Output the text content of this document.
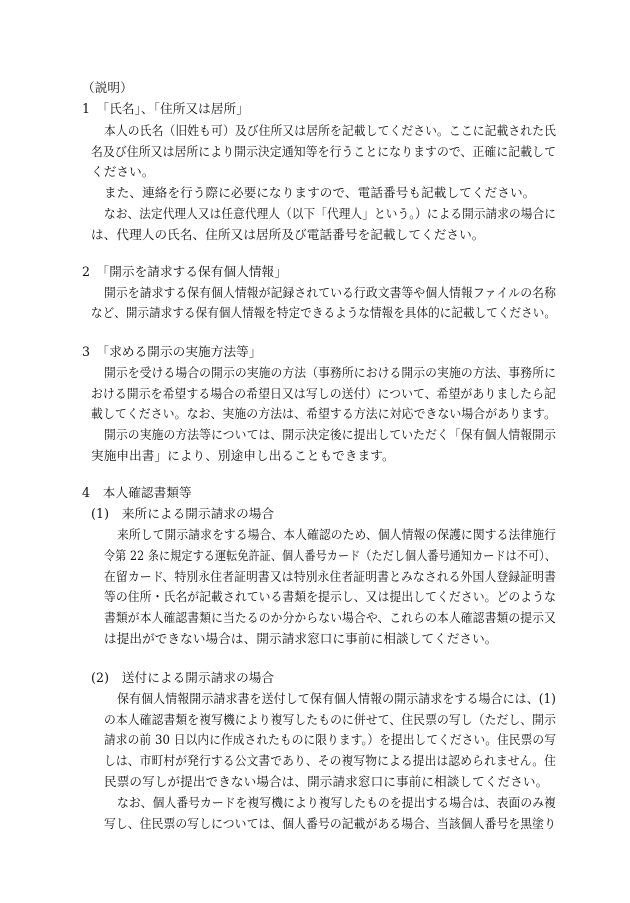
（説明）
1　「氏名」、「住所又は居所」
本人の氏名（旧姓も可）及び住所又は居所を記載してください。ここに記載された氏
名及び住所又は居所により開示決定通知等を行うことになりますので、正確に記載して
ください。
また、連絡を行う際に必要になりますので、電話番号も記載してください。
なお、法定代理人又は任意代理人（以下「代理人」という。）による開示請求の場合に
は、代理人の氏名、住所又は居所及び電話番号を記載してください。
2　「開示を請求する保有個人情報」
開示を請求する保有個人情報が記録されている行政文書等や個人情報ファイルの名称
など、開示請求する保有個人情報を特定できるような情報を具体的に記載してください。
3　「求める開示の実施方法等」
開示を受ける場合の開示の実施の方法（事務所における開示の実施の方法、事務所に
おける開示を希望する場合の希望日又は写しの送付）について、希望がありましたら記
載してください。なお、実施の方法は、希望する方法に対応できない場合があります。
開示の実施の方法等については、開示決定後に提出していただく「保有個人情報開示
実施申出書」により、別途申し出ることもできます。
4　本人確認書類等
(1)　来所による開示請求の場合
来所して開示請求をする場合、本人確認のため、個人情報の保護に関する法律施行
令第 22 条に規定する運転免許証、個人番号カード（ただし個人番号通知カードは不可）、
在留カード、特別永住者証明書又は特別永住者証明書とみなされる外国人登録証明書
等の住所・氏名が記載されている書類を提示し、又は提出してください。どのような
書類が本人確認書類に当たるのか分からない場合や、これらの本人確認書類の提示又
は提出ができない場合は、開示請求窓口に事前に相談してください。
(2)　送付による開示請求の場合
保有個人情報開示請求書を送付して保有個人情報の開示請求をする場合には、(1)
の本人確認書類を複写機により複写したものに併せて、住民票の写し（ただし、開示
請求の前 30 日以内に作成されたものに限ります。）を提出してください。住民票の写
しは、市町村が発行する公文書であり、その複写物による提出は認められません。住
民票の写しが提出できない場合は、開示請求窓口に事前に相談してください。
なお、個人番号カードを複写機により複写したものを提出する場合は、表面のみ複
写し、住民票の写しについては、個人番号の記載がある場合、当該個人番号を黒塗り
